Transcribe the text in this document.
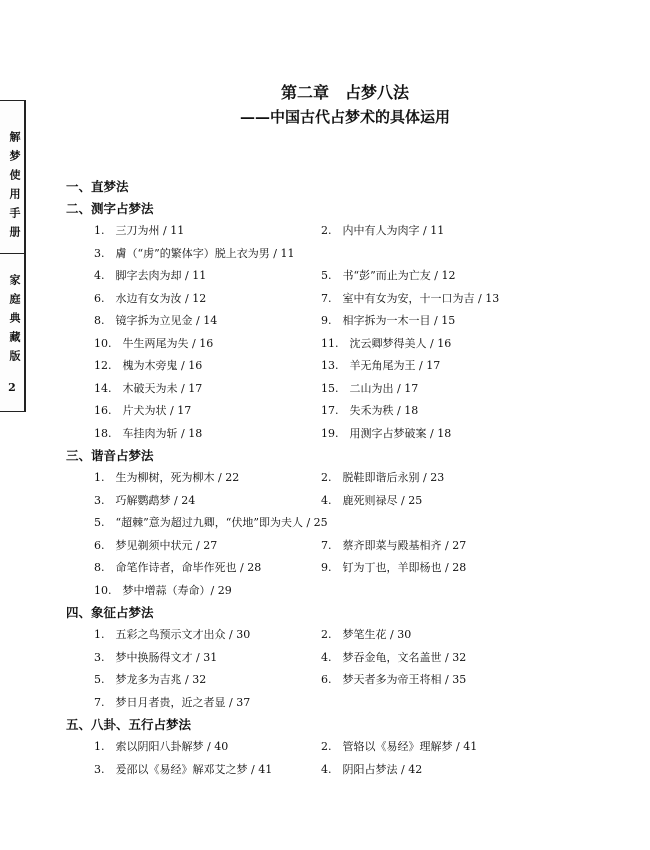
解梦使用手册
家庭典藏版
2
第二章　占梦八法
——中国古代占梦术的具体运用
一、直梦法
二、测字占梦法
1.　三刀为州 / 11	2.　内中有人为肉字 / 11
3.　膚（“虏”的繁体字）脱上衣为男 / 11
4.　脚字去肉为却 / 11	5.　书“彭”而止为亡友 / 12
6.　水边有女为汝 / 12	7.　室中有女为安，十一口为吉 / 13
8.　镜字拆为立见金 / 14	9.　相字拆为一木一目 / 15
10.　牛生两尾为失 / 16	11.　沈云卿梦得美人 / 16
12.　槐为木旁鬼 / 16	13.　羊无角尾为王 / 17
14.　木破天为未 / 17	15.　二山为出 / 17
16.　片犬为状 / 17	17.　失禾为秩 / 18
18.　车挂肉为斩 / 18	19.　用测字占梦破案 / 18
三、谐音占梦法
1.　生为柳树，死为柳木 / 22	2.　脱鞋即谐后永别 / 23
3.　巧解鹦鹉梦 / 24	4.　鹿死则禄尽 / 25
5.　“超棘”意为超过九卿，“伏地”即为夫人 / 25
6.　梦见剃须中状元 / 27	7.　蔡齐即菜与殿基相齐 / 27
8.　命笔作诗者，命毕作死也 / 28	9.　钉为丁也，羊即杨也 / 28
10.　梦中增蒜（寿命）/ 29
四、象征占梦法
1.　五彩之鸟预示文才出众 / 30	2.　梦笔生花 / 30
3.　梦中换肠得文才 / 31	4.　梦吞金龟，文名盖世 / 32
5.　梦龙多为吉兆 / 32	6.　梦天者多为帝王将相 / 35
7.　梦日月者贵，近之者显 / 37
五、八卦、五行占梦法
1.　索以阴阳八卦解梦 / 40	2.　管辂以《易经》理解梦 / 41
3.　爰邵以《易经》解邓艾之梦 / 41	4.　阴阳占梦法 / 42
